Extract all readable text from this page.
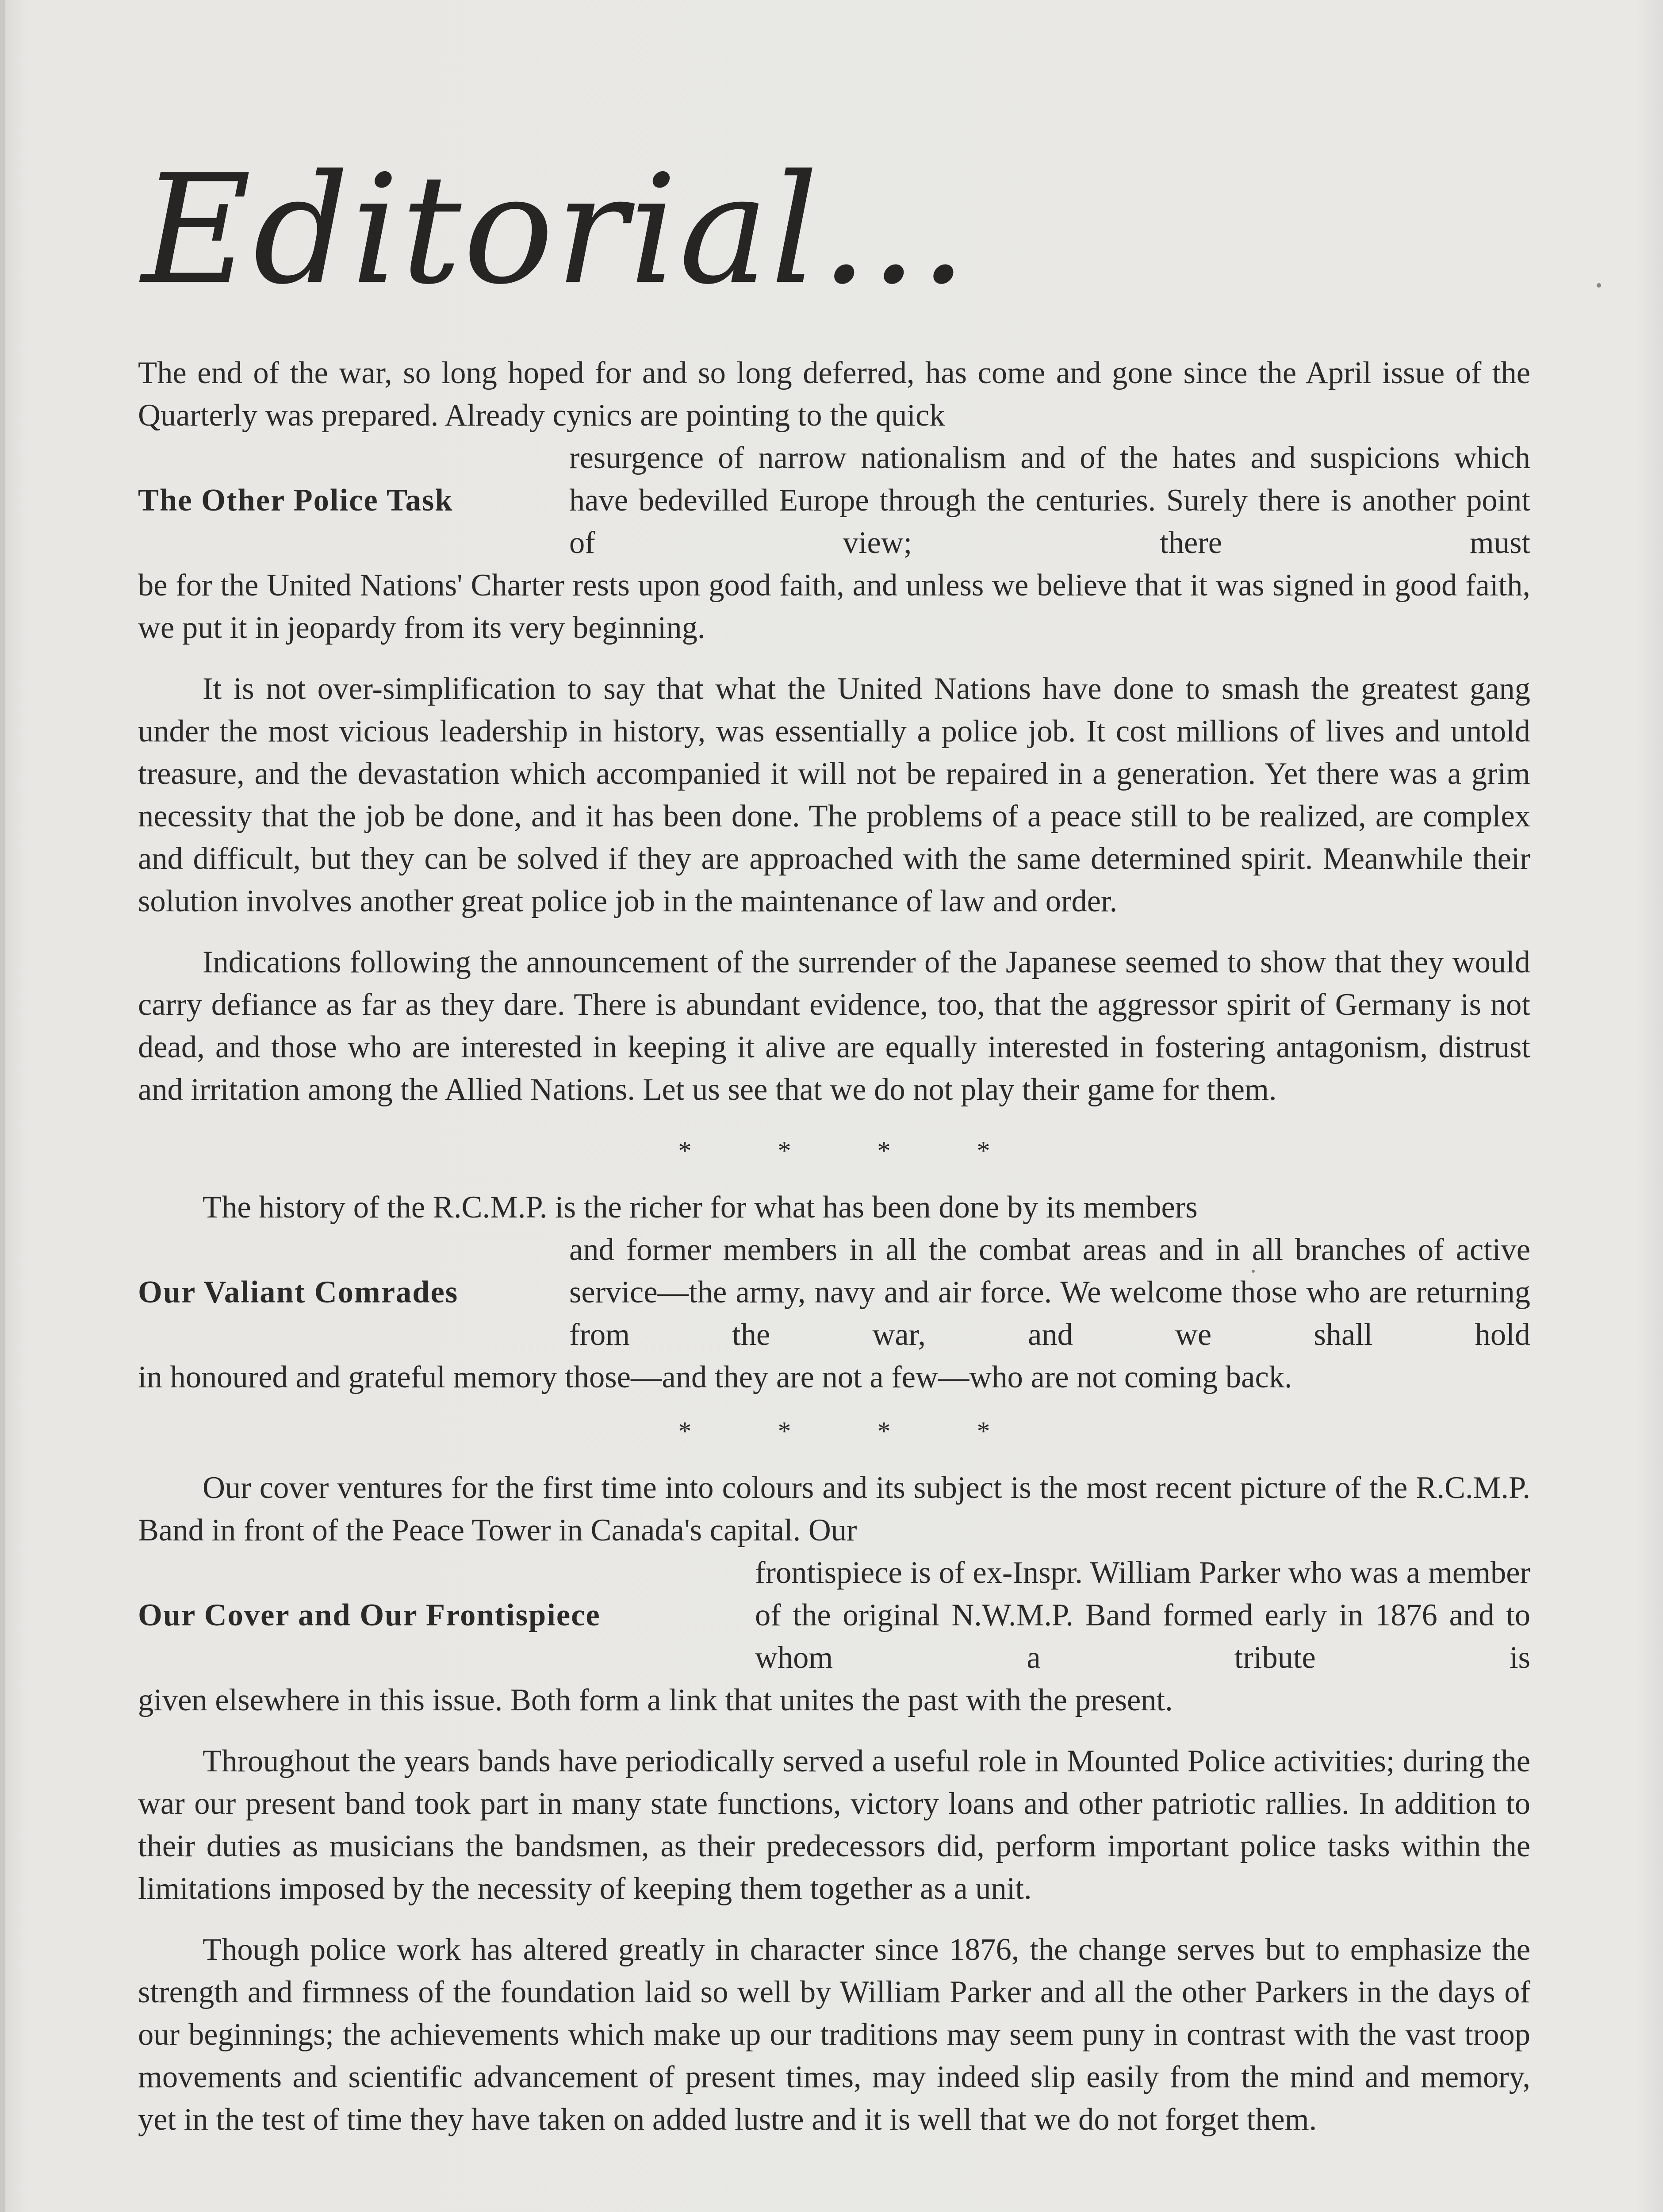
Editorial...

The end of the war, so long hoped for and so long deferred, has come and gone since the April issue of the Quarterly was prepared. Already cynics are pointing to the quick

The Other Police Task

resurgence of narrow nationalism and of the hates and suspicions which have bedevilled Europe through the centuries. Surely there is another point of view; there must

be for the United Nations' Charter rests upon good faith, and unless we believe that it was signed in good faith, we put it in jeopardy from its very beginning.

It is not over-simplification to say that what the United Nations have done to smash the greatest gang under the most vicious leadership in history, was essentially a police job. It cost millions of lives and untold treasure, and the devastation which accompanied it will not be repaired in a generation. Yet there was a grim necessity that the job be done, and it has been done. The problems of a peace still to be realized, are complex and difficult, but they can be solved if they are approached with the same determined spirit. Meanwhile their solution involves another great police job in the maintenance of law and order.

Indications following the announcement of the surrender of the Japanese seemed to show that they would carry defiance as far as they dare. There is abundant evidence, too, that the aggressor spirit of Germany is not dead, and those who are interested in keeping it alive are equally interested in fostering antagonism, distrust and irritation among the Allied Nations. Let us see that we do not play their game for them.

* * * *

The history of the R.C.M.P. is the richer for what has been done by its members

Our Valiant Comrades

and former members in all the combat areas and in all branches of active service—the army, navy and air force. We welcome those who are returning from the war, and we shall hold

in honoured and grateful memory those—and they are not a few—who are not coming back.

* * * *

Our cover ventures for the first time into colours and its subject is the most recent picture of the R.C.M.P. Band in front of the Peace Tower in Canada's capital. Our

Our Cover and Our Frontispiece

frontispiece is of ex-Inspr. William Parker who was a member of the original N.W.M.P. Band formed early in 1876 and to whom a tribute is

given elsewhere in this issue. Both form a link that unites the past with the present.

Throughout the years bands have periodically served a useful role in Mounted Police activities; during the war our present band took part in many state functions, victory loans and other patriotic rallies. In addition to their duties as musicians the bandsmen, as their predecessors did, perform important police tasks within the limitations imposed by the necessity of keeping them together as a unit.

Though police work has altered greatly in character since 1876, the change serves but to emphasize the strength and firmness of the foundation laid so well by William Parker and all the other Parkers in the days of our beginnings; the achievements which make up our traditions may seem puny in contrast with the vast troop movements and scientific advancement of present times, may indeed slip easily from the mind and memory, yet in the test of time they have taken on added lustre and it is well that we do not forget them.
